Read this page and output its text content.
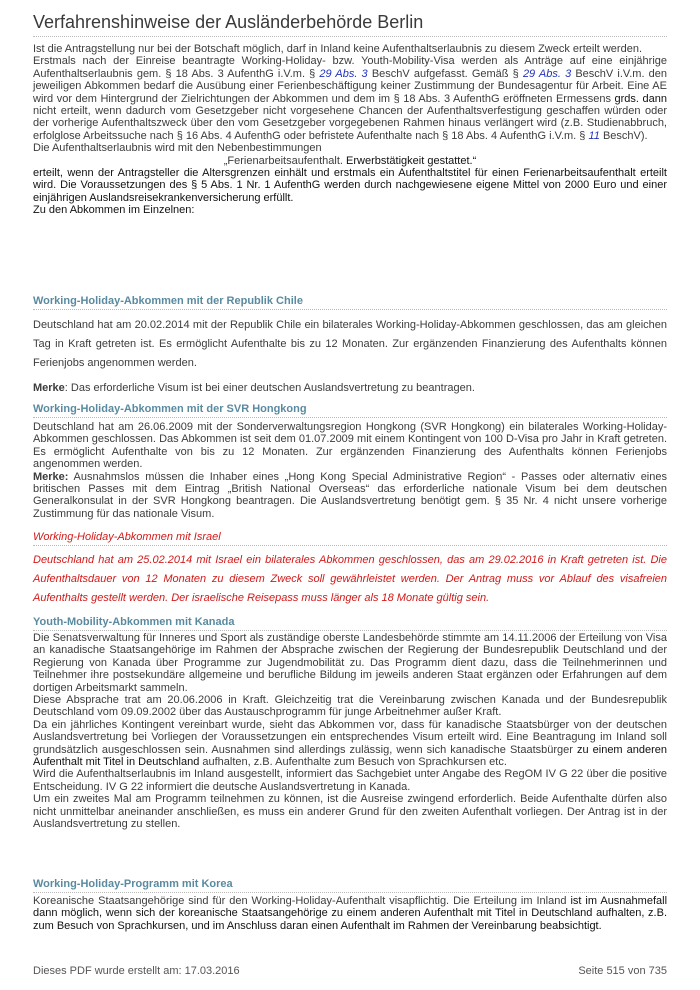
Verfahrenshinweise der Ausländerbehörde Berlin

Ist die Antragstellung nur bei der Botschaft möglich, darf in Inland keine Aufenthaltserlaubnis zu diesem Zweck erteilt werden.

Erstmals nach der Einreise beantragte Working-Holiday- bzw. Youth-Mobility-Visa werden als Anträge auf eine einjährige Aufenthaltserlaubnis gem. § 18 Abs. 3 AufenthG i.V.m. § 29 Abs. 3 BeschV aufgefasst. Gemäß § 29 Abs. 3 BeschV i.V.m. den jeweiligen Abkommen bedarf die Ausübung einer Ferienbeschäftigung keiner Zustimmung der Bundesagentur für Arbeit. Eine AE wird vor dem Hintergrund der Zielrichtungen der Abkommen und dem im § 18 Abs. 3 AufenthG eröffneten Ermessens grds. dann nicht erteilt, wenn dadurch vom Gesetzgeber nicht vorgesehene Chancen der Aufenthaltsverfestigung geschaffen würden oder der vorherige Aufenthaltszweck über den vom Gesetzgeber vorgegebenen Rahmen hinaus verlängert wird (z.B. Studienabbruch, erfolglose Arbeitssuche nach § 16 Abs. 4 AufenthG oder befristete Aufenthalte nach § 18 Abs. 4 AufenthG i.V.m. § 11 BeschV).

Die Aufenthaltserlaubnis wird mit den Nebenbestimmungen

„Ferienarbeitsaufenthalt. Erwerbstätigkeit gestattet.“

erteilt, wenn der Antragsteller die Altersgrenzen einhält und erstmals ein Aufenthaltstitel für einen Ferienarbeitsaufenthalt erteilt wird. Die Voraussetzungen des § 5 Abs. 1 Nr. 1 AufenthG werden durch nachgewiesene eigene Mittel von 2000 Euro und einer einjährigen Auslandsreisekrankenversicherung erfüllt.

Zu den Abkommen im Einzelnen:

Working-Holiday-Abkommen mit der Republik Chile

Deutschland hat am 20.02.2014 mit der Republik Chile ein bilaterales Working-Holiday-Abkommen geschlossen, das am gleichen Tag in Kraft getreten ist. Es ermöglicht Aufenthalte bis zu 12 Monaten. Zur ergänzenden Finanzierung des Aufenthalts können Ferienjobs angenommen werden.

Merke: Das erforderliche Visum ist bei einer deutschen Auslandsvertretung zu beantragen.

Working-Holiday-Abkommen mit der SVR Hongkong

Deutschland hat am 26.06.2009 mit der Sonderverwaltungsregion Hongkong (SVR Hongkong) ein bilaterales Working-Holiday-Abkommen geschlossen. Das Abkommen ist seit dem 01.07.2009 mit einem Kontingent von 100 D-Visa pro Jahr in Kraft getreten. Es ermöglicht Aufenthalte von bis zu 12 Monaten. Zur ergänzenden Finanzierung des Aufenthalts können Ferienjobs angenommen werden.

Merke: Ausnahmslos müssen die Inhaber eines „Hong Kong Special Administrative Region“ - Passes oder alternativ eines britischen Passes mit dem Eintrag „British National Overseas“ das erforderliche nationale Visum bei dem deutschen Generalkonsulat in der SVR Hongkong beantragen. Die Auslandsvertretung benötigt gem. § 35 Nr. 4 nicht unsere vorherige Zustimmung für das nationale Visum.

Working-Holiday-Abkommen mit Israel

Deutschland hat am 25.02.2014 mit Israel ein bilaterales Abkommen geschlossen, das am 29.02.2016 in Kraft getreten ist. Die Aufenthaltsdauer von 12 Monaten zu diesem Zweck soll gewährleistet werden. Der Antrag muss vor Ablauf des visafreien Aufenthalts gestellt werden. Der israelische Reisepass muss länger als 18 Monate gültig sein.

Youth-Mobility-Abkommen mit Kanada

Die Senatsverwaltung für Inneres und Sport als zuständige oberste Landesbehörde stimmte am 14.11.2006 der Erteilung von Visa an kanadische Staatsangehörige im Rahmen der Absprache zwischen der Regierung der Bundesrepublik Deutschland und der Regierung von Kanada über Programme zur Jugendmobilität zu. Das Programm dient dazu, dass die Teilnehmerinnen und Teilnehmer ihre postsekundäre allgemeine und berufliche Bildung im jeweils anderen Staat ergänzen oder Erfahrungen auf dem dortigen Arbeitsmarkt sammeln.

Diese Absprache trat am 20.06.2006 in Kraft. Gleichzeitig trat die Vereinbarung zwischen Kanada und der Bundesrepublik Deutschland vom 09.09.2002 über das Austauschprogramm für junge Arbeitnehmer außer Kraft.

Da ein jährliches Kontingent vereinbart wurde, sieht das Abkommen vor, dass für kanadische Staatsbürger von der deutschen Auslandsvertretung bei Vorliegen der Voraussetzungen ein entsprechendes Visum erteilt wird. Eine Beantragung im Inland soll grundsätzlich ausgeschlossen sein. Ausnahmen sind allerdings zulässig, wenn sich kanadische Staatsbürger zu einem anderen Aufenthalt mit Titel in Deutschland aufhalten, z.B. Aufenthalte zum Besuch von Sprachkursen etc.

Wird die Aufenthaltserlaubnis im Inland ausgestellt, informiert das Sachgebiet unter Angabe des RegOM IV G 22 über die positive Entscheidung. IV G 22 informiert die deutsche Auslandsvertretung in Kanada.

Um ein zweites Mal am Programm teilnehmen zu können, ist die Ausreise zwingend erforderlich. Beide Aufenthalte dürfen also nicht unmittelbar aneinander anschließen, es muss ein anderer Grund für den zweiten Aufenthalt vorliegen. Der Antrag ist in der Auslandsvertretung zu stellen.

Working-Holiday-Programm mit Korea

Koreanische Staatsangehörige sind für den Working-Holiday-Aufenthalt visapflichtig. Die Erteilung im Inland ist im Ausnahmefall dann möglich, wenn sich der koreanische Staatsangehörige zu einem anderen Aufenthalt mit Titel in Deutschland aufhalten, z.B. zum Besuch von Sprachkursen, und im Anschluss daran einen Aufenthalt im Rahmen der Vereinbarung beabsichtigt.

Dieses PDF wurde erstellt am: 17.03.2016	Seite 515 von 735
